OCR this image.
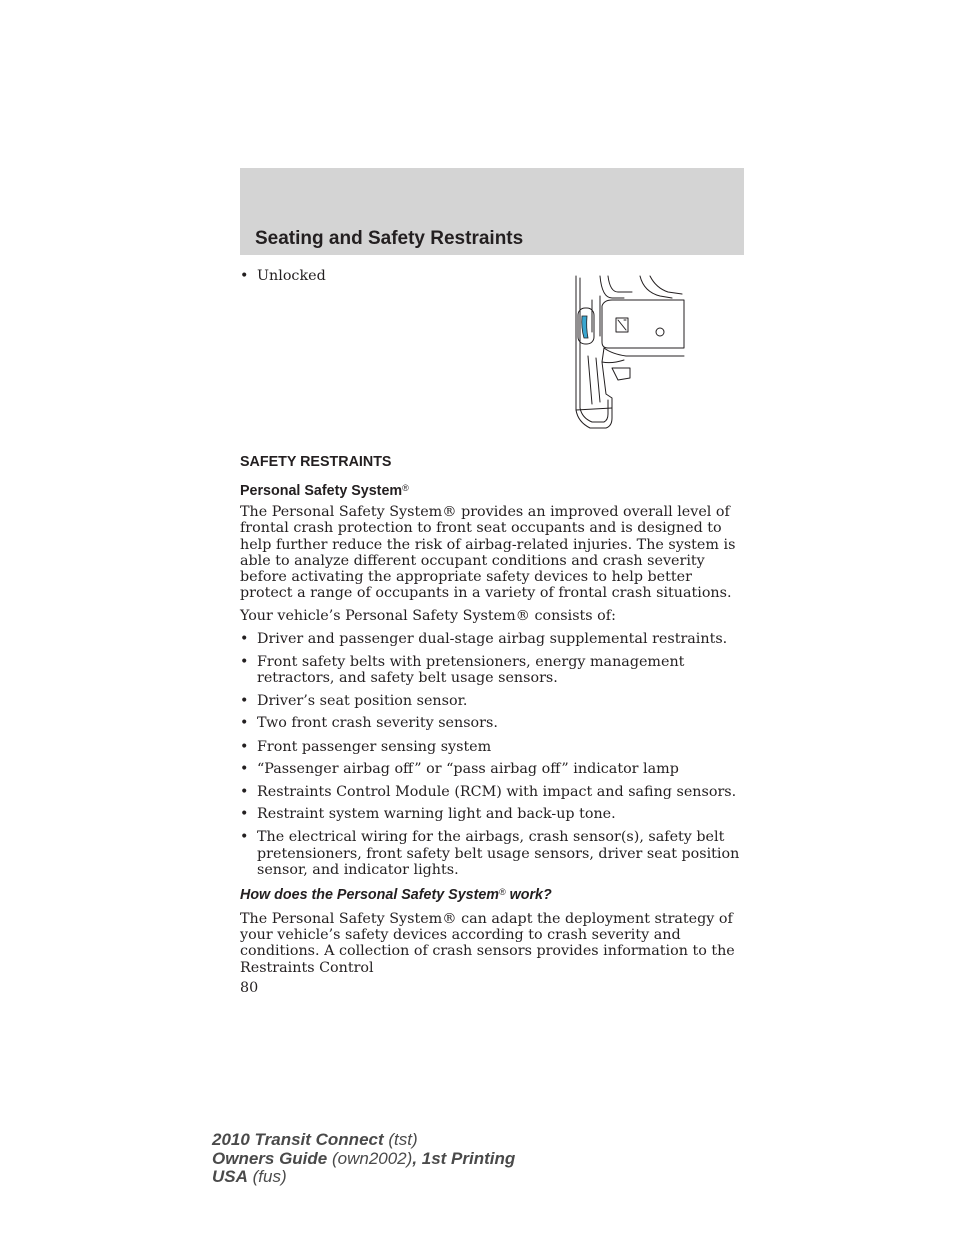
Seating and Safety Restraints
• Unlocked
SAFETY RESTRAINTS
Personal Safety System®

The Personal Safety System® provides an improved overall level of frontal crash protection to front seat occupants and is designed to help further reduce the risk of airbag-related injuries. The system is able to analyze different occupant conditions and crash severity before activating the appropriate safety devices to help better protect a range of occupants in a variety of frontal crash situations.

Your vehicle’s Personal Safety System® consists of:

• Driver and passenger dual-stage airbag supplemental restraints.
• Front safety belts with pretensioners, energy management retractors, and safety belt usage sensors.
• Driver’s seat position sensor.
• Two front crash severity sensors.
• Front passenger sensing system
• “Passenger airbag off” or “pass airbag off” indicator lamp
• Restraints Control Module (RCM) with impact and safing sensors.
• Restraint system warning light and back-up tone.
• The electrical wiring for the airbags, crash sensor(s), safety belt pretensioners, front safety belt usage sensors, driver seat position sensor, and indicator lights.
How does the Personal Safety System® work?

The Personal Safety System® can adapt the deployment strategy of your vehicle’s safety devices according to crash severity and conditions. A collection of crash sensors provides information to the Restraints Control

80
2010 Transit Connect (tst)
Owners Guide (own2002), 1st Printing
USA (fus)
